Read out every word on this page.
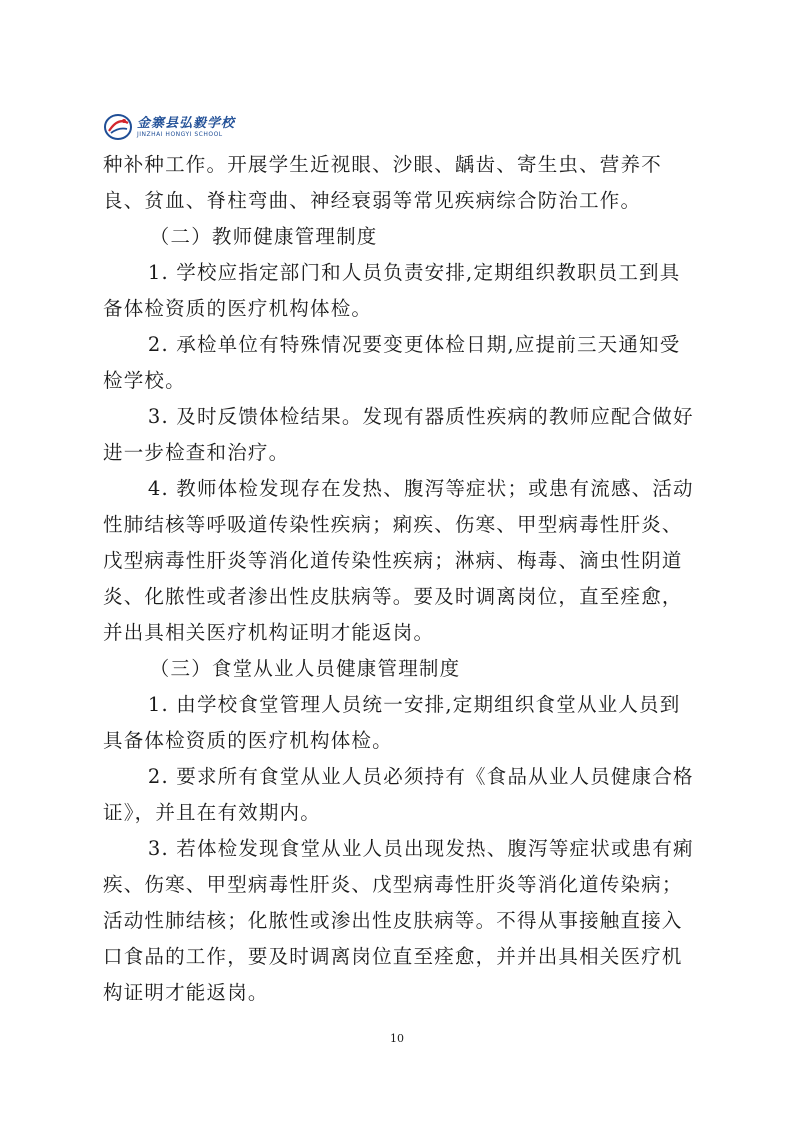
金寨县弘毅学校
JINZHAI HONGYI SCHOOL

种补种工作。开展学生近视眼、沙眼、龋齿、寄生虫、营养不良、贫血、脊柱弯曲、神经衰弱等常见疾病综合防治工作。

（二）教师健康管理制度

1. 学校应指定部门和人员负责安排,定期组织教职员工到具备体检资质的医疗机构体检。

2. 承检单位有特殊情况要变更体检日期,应提前三天通知受检学校。

3. 及时反馈体检结果。发现有器质性疾病的教师应配合做好进一步检查和治疗。

4. 教师体检发现存在发热、腹泻等症状；或患有流感、活动性肺结核等呼吸道传染性疾病；痢疾、伤寒、甲型病毒性肝炎、戊型病毒性肝炎等消化道传染性疾病；淋病、梅毒、滴虫性阴道炎、化脓性或者渗出性皮肤病等。要及时调离岗位，直至痊愈，并出具相关医疗机构证明才能返岗。

（三）食堂从业人员健康管理制度

1. 由学校食堂管理人员统一安排,定期组织食堂从业人员到具备体检资质的医疗机构体检。

2. 要求所有食堂从业人员必须持有《食品从业人员健康合格证》，并且在有效期内。

3. 若体检发现食堂从业人员出现发热、腹泻等症状或患有痢疾、伤寒、甲型病毒性肝炎、戊型病毒性肝炎等消化道传染病；活动性肺结核；化脓性或渗出性皮肤病等。不得从事接触直接入口食品的工作，要及时调离岗位直至痊愈，并并出具相关医疗机构证明才能返岗。

10
